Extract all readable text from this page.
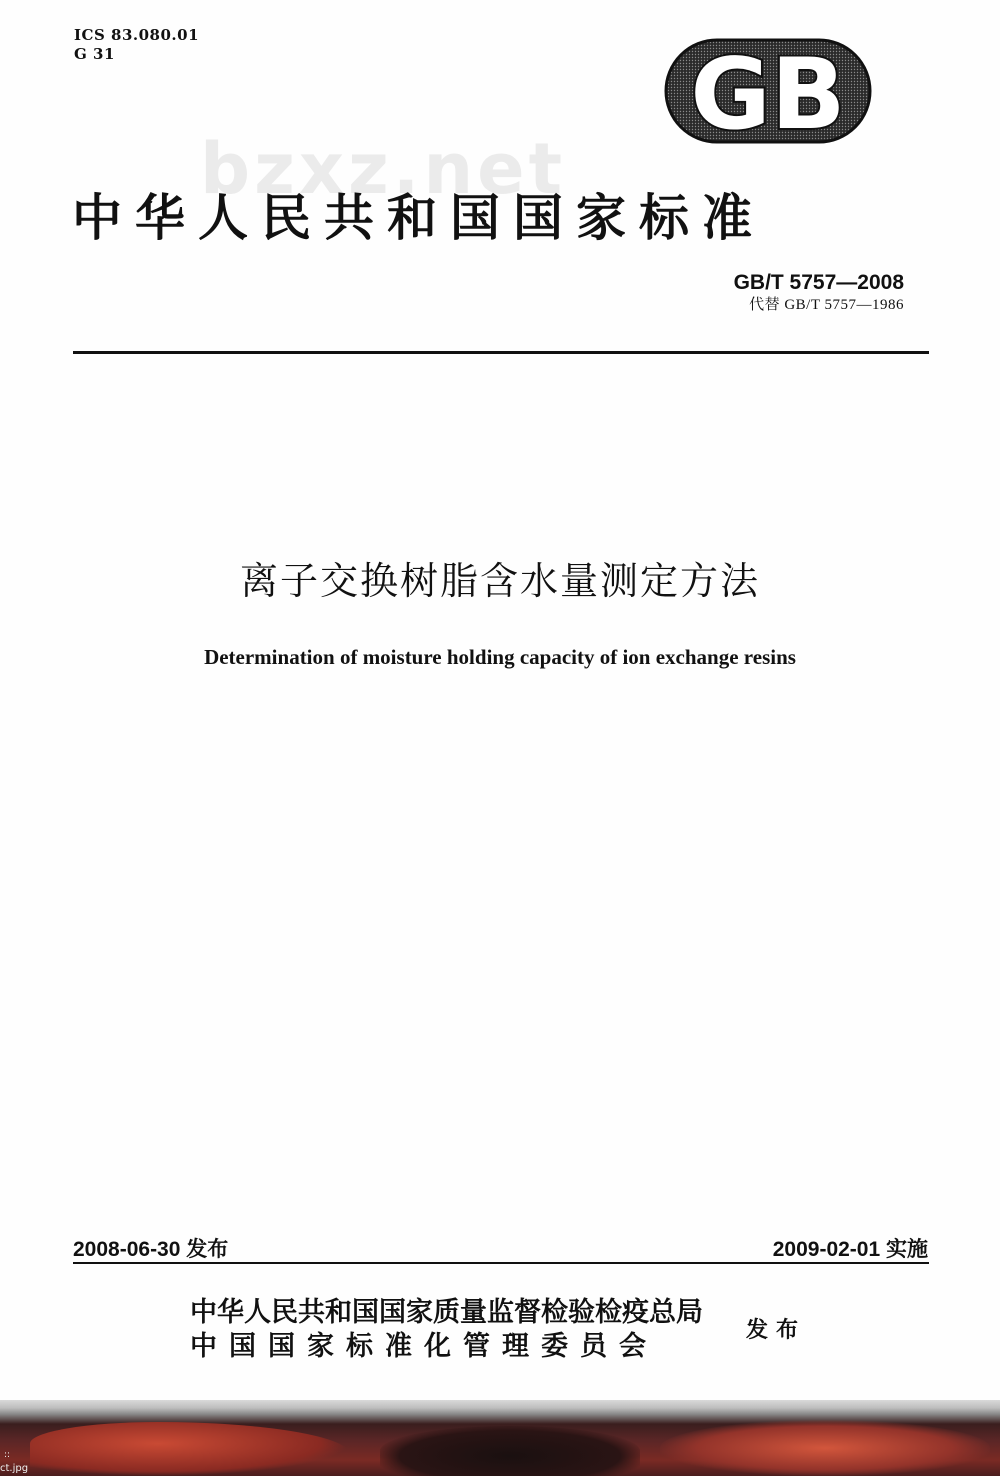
ICS 83.080.01
G 31	GB
bzxz.net
中华人民共和国国家标准
GB/T 5757—2008
代替 GB/T 5757—1986
离子交换树脂含水量测定方法
Determination of moisture holding capacity of ion exchange resins
2008-06-30 发布	2009-02-01 实施
中华人民共和国国家质量监督检验检疫总局
中国国家标准化管理委员会
发布
::
ct.jpg
